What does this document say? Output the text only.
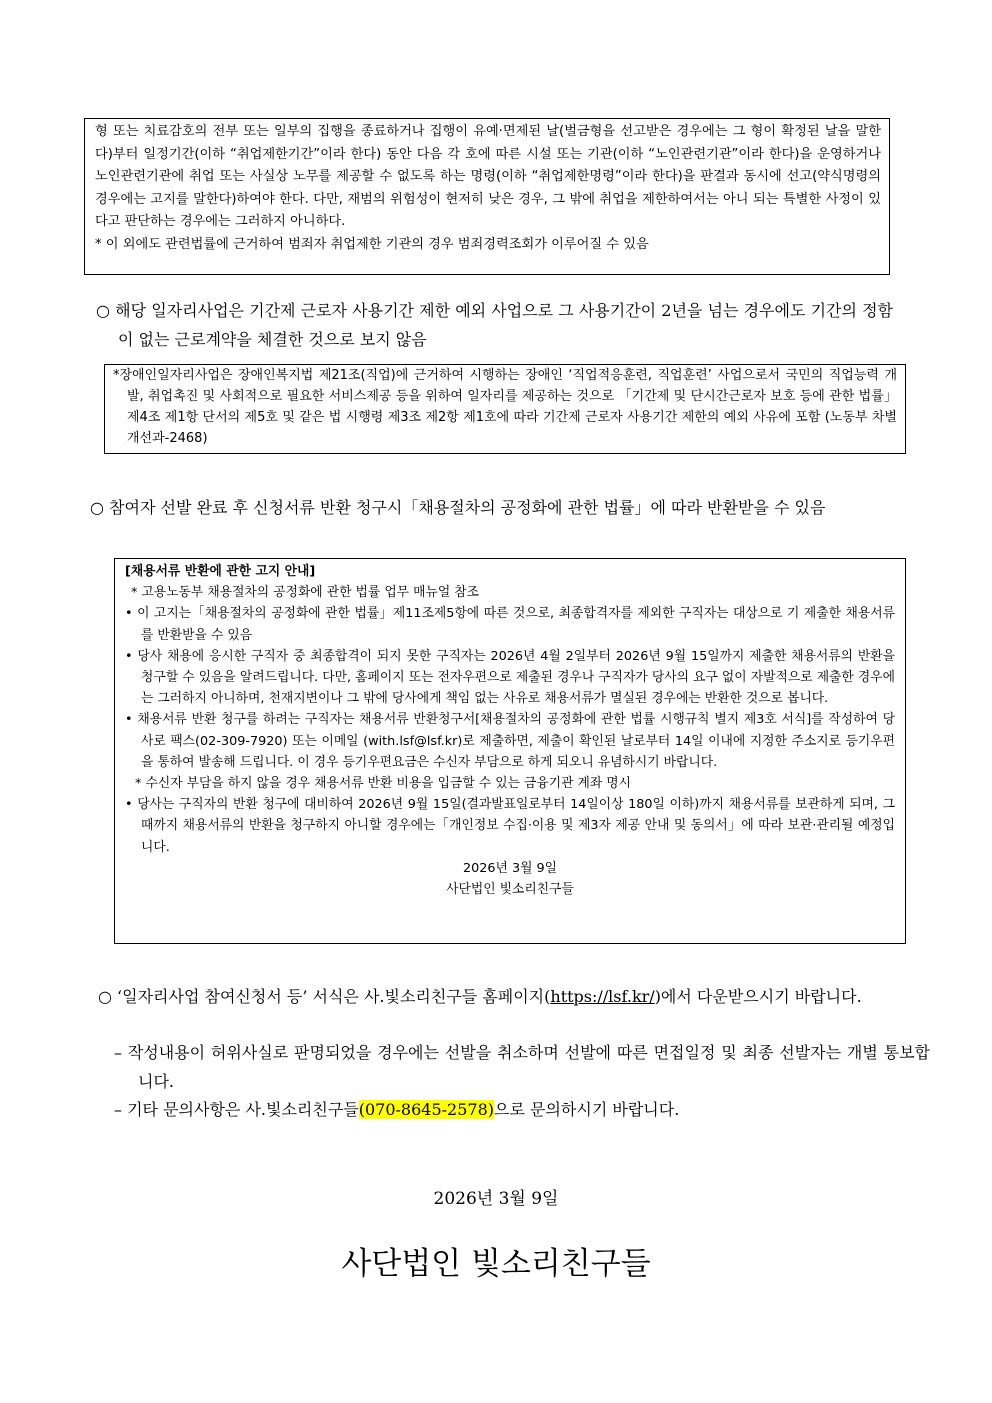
형 또는 치료감호의 전부 또는 일부의 집행을 종료하거나 집행이 유예·면제된 날(벌금형을 선고받은 경우에는 그 형이 확정된 날을 말한다)부터 일정기간(이하 “취업제한기간”이라 한다) 동안 다음 각 호에 따른 시설 또는 기관(이하 “노인관련기관”이라 한다)을 운영하거나 노인관련기관에 취업 또는 사실상 노무를 제공할 수 없도록 하는 명령(이하 “취업제한명령”이라 한다)을 판결과 동시에 선고(약식명령의 경우에는 고지를 말한다)하여야 한다. 다만, 재범의 위험성이 현저히 낮은 경우, 그 밖에 취업을 제한하여서는 아니 되는 특별한 사정이 있다고 판단하는 경우에는 그러하지 아니하다.
* 이 외에도 관련법률에 근거하여 범죄자 취업제한 기관의 경우 범죄경력조회가 이루어질 수 있음
○ 해당 일자리사업은 기간제 근로자 사용기간 제한 예외 사업으로 그 사용기간이 2년을 넘는 경우에도 기간의 정함이 없는 근로계약을 체결한 것으로 보지 않음
*장애인일자리사업은 장애인복지법 제21조(직업)에 근거하여 시행하는 장애인 ‘직업적응훈련, 직업훈련’ 사업으로서 국민의 직업능력 개발, 취업촉진 및 사회적으로 필요한 서비스제공 등을 위하여 일자리를 제공하는 것으로 「기간제 및 단시간근로자 보호 등에 관한 법률」 제4조 제1항 단서의 제5호 및 같은 법 시행령 제3조 제2항 제1호에 따라 기간제 근로자 사용기간 제한의 예외 사유에 포함 (노동부 차별개선과-2468)
○ 참여자 선발 완료 후 신청서류 반환 청구시「채용절차의 공정화에 관한 법률」에 따라 반환받을 수 있음
[채용서류 반환에 관한 고지 안내]
* 고용노동부 채용절차의 공정화에 관한 법률 업무 매뉴얼 참조
• 이 고지는「채용절차의 공정화에 관한 법률」제11조제5항에 따른 것으로, 최종합격자를 제외한 구직자는 대상으로 기 제출한 채용서류를 반환받을 수 있음
• 당사 채용에 응시한 구직자 중 최종합격이 되지 못한 구직자는 2026년 4월 2일부터 2026년 9월 15일까지 제출한 채용서류의 반환을 청구할 수 있음을 알려드립니다. 다만, 홈페이지 또는 전자우편으로 제출된 경우나 구직자가 당사의 요구 없이 자발적으로 제출한 경우에는 그러하지 아니하며, 천재지변이나 그 밖에 당사에게 책임 없는 사유로 채용서류가 멸실된 경우에는 반환한 것으로 봅니다.
• 채용서류 반환 청구를 하려는 구직자는 채용서류 반환청구서[채용절차의 공정화에 관한 법률 시행규칙 별지 제3호 서식]를 작성하여 당사로 팩스(02-309-7920) 또는 이메일 (with.lsf@lsf.kr)로 제출하면, 제출이 확인된 날로부터 14일 이내에 지정한 주소지로 등기우편을 통하여 발송해 드립니다. 이 경우 등기우편요금은 수신자 부담으로 하게 되오니 유념하시기 바랍니다.
* 수신자 부담을 하지 않을 경우 채용서류 반환 비용을 입금할 수 있는 금융기관 계좌 명시
• 당사는 구직자의 반환 청구에 대비하여 2026년 9월 15일(결과발표일로부터 14일이상 180일 이하)까지 채용서류를 보관하게 되며, 그때까지 채용서류의 반환을 청구하지 아니할 경우에는「개인정보 수집·이용 및 제3자 제공 안내 및 동의서」에 따라 보관·관리될 예정입니다.
2026년 3월 9일
사단법인 빛소리친구들
○ ‘일자리사업 참여신청서 등’ 서식은 사.빛소리친구들 홈페이지(https://lsf.kr/)에서 다운받으시기 바랍니다.
– 작성내용이 허위사실로 판명되었을 경우에는 선발을 취소하며 선발에 따른 면접일정 및 최종 선발자는 개별 통보합니다.
– 기타 문의사항은 사.빛소리친구들(070-8645-2578)으로 문의하시기 바랍니다.
2026년 3월 9일
사단법인 빛소리친구들
